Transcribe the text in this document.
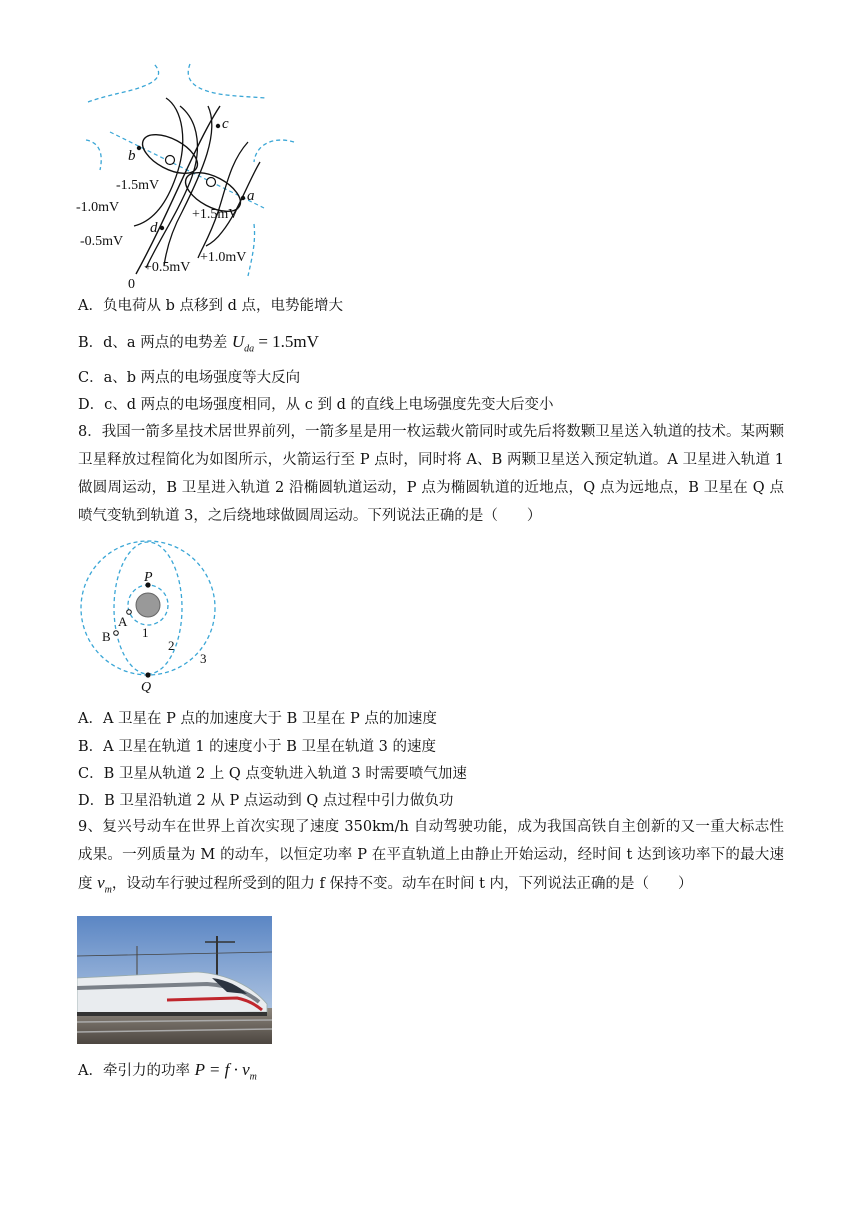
c
b
a
d
-1.5mV
-1.0mV
-0.5mV
+1.5mV
+1.0mV
+0.5mV
0
A．负电荷从 b 点移到 d 点，电势能增大
B．d、a 两点的电势差 $U_{da} = 1.5mV$
C．a、b 两点的电场强度等大反向
D．c、d 两点的电场强度相同，从 c 到 d 的直线上电场强度先变大后变小
8．我国一箭多星技术居世界前列，一箭多星是用一枚运载火箭同时或先后将数颗卫星送入轨道的技术。某两颗卫星释放过程简化为如图所示，火箭运行至 P 点时，同时将 A、B 两颗卫星送入预定轨道。A 卫星进入轨道 1 做圆周运动，B 卫星进入轨道 2 沿椭圆轨道运动，P 点为椭圆轨道的近地点，Q 点为远地点，B 卫星在 Q 点喷气变轨到轨道 3，之后绕地球做圆周运动。下列说法正确的是（　　）
P
Q
A
B 1
2
3
A．A 卫星在 P 点的加速度大于 B 卫星在 P 点的加速度
B．A 卫星在轨道 1 的速度小于 B 卫星在轨道 3 的速度
C．B 卫星从轨道 2 上 Q 点变轨进入轨道 3 时需要喷气加速
D．B 卫星沿轨道 2 从 P 点运动到 Q 点过程中引力做负功
9、复兴号动车在世界上首次实现了速度 350km/h 自动驾驶功能，成为我国高铁自主创新的又一重大标志性成果。一列质量为 M 的动车，以恒定功率 P 在平直轨道上由静止开始运动，经时间 t 达到该功率下的最大速度 $v_m$，设动车行驶过程所受到的阻力 f 保持不变。动车在时间 t 内，下列说法正确的是（　　）
A．牵引力的功率 $P = f \cdot v_m$
